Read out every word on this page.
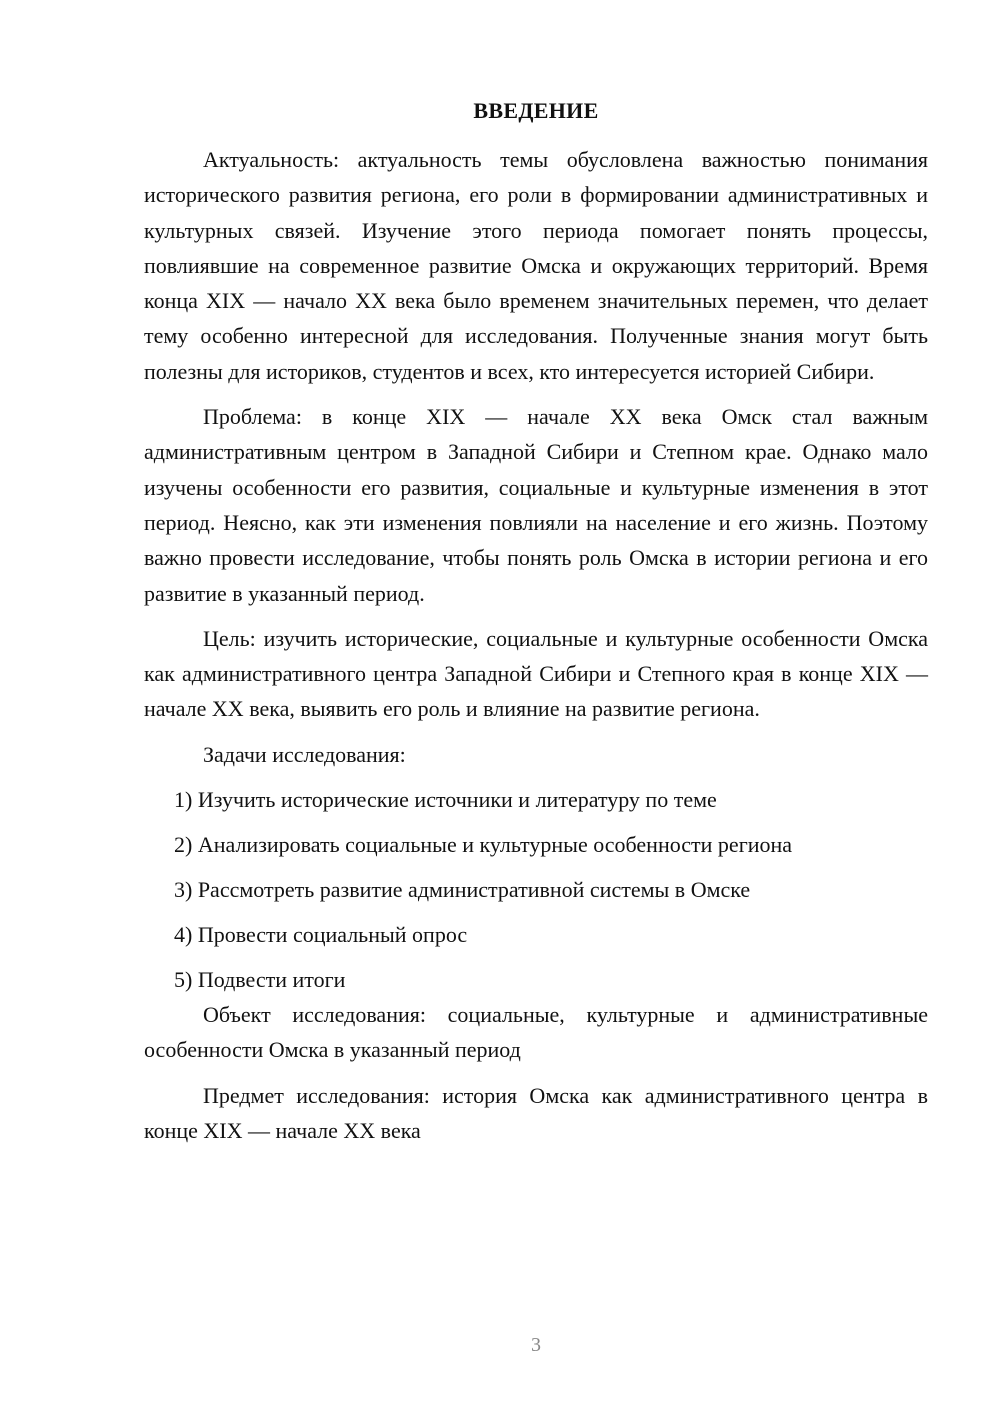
ВВЕДЕНИЕ

Актуальность: актуальность темы обусловлена важностью понимания исторического развития региона, его роли в формировании административных и культурных связей. Изучение этого периода помогает понять процессы, повлиявшие на современное развитие Омска и окружающих территорий. Время конца XIX — начало XX века было временем значительных перемен, что делает тему особенно интересной для исследования. Полученные знания могут быть полезны для историков, студентов и всех, кто интересуется историей Сибири.

Проблема: в конце XIX — начале XX века Омск стал важным административным центром в Западной Сибири и Степном крае. Однако мало изучены особенности его развития, социальные и культурные изменения в этот период. Неясно, как эти изменения повлияли на население и его жизнь. Поэтому важно провести исследование, чтобы понять роль Омска в истории региона и его развитие в указанный период.

Цель: изучить исторические, социальные и культурные особенности Омска как административного центра Западной Сибири и Степного края в конце XIX — начале XX века, выявить его роль и влияние на развитие региона.

Задачи исследования:

1) Изучить исторические источники и литературу по теме
2) Анализировать социальные и культурные особенности региона
3) Рассмотреть развитие административной системы в Омске
4) Провести социальный опрос
5) Подвести итоги

Объект исследования: социальные, культурные и административные особенности Омска в указанный период

Предмет исследования: история Омска как административного центра в конце XIX — начале XX века

3
